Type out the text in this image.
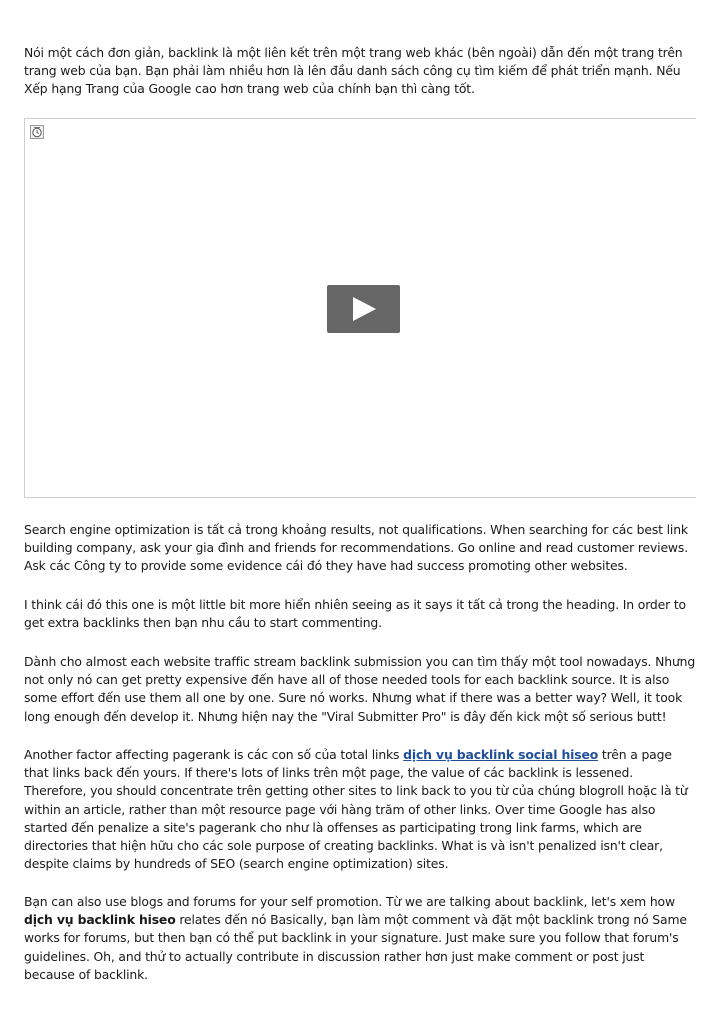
Nói một cách đơn giản, backlink là một liên kết trên một trang web khác (bên ngoài) dẫn đến một trang trên trang web của bạn. Bạn phải làm nhiều hơn là lên đầu danh sách công cụ tìm kiếm để phát triển mạnh. Nếu Xếp hạng Trang của Google cao hơn trang web của chính bạn thì càng tốt.

Search engine optimization is tất cả trong khoảng results, not qualifications. When searching for các best link building company, ask your gia đình and friends for recommendations. Go online and read customer reviews. Ask các Công ty to provide some evidence cái đó they have had success promoting other websites.

I think cái đó this one is một little bit more hiển nhiên seeing as it says it tất cả trong the heading. In order to get extra backlinks then bạn nhu cầu to start commenting.

Dành cho almost each website traffic stream backlink submission you can tìm thấy một tool nowadays. Nhưng not only nó can get pretty expensive đến have all of those needed tools for each backlink source. It is also some effort đến use them all one by one. Sure nó works. Nhưng what if there was a better way? Well, it took long enough đến develop it. Nhưng hiện nay the "Viral Submitter Pro" is đây đến kick một số serious butt!

Another factor affecting pagerank is các con số của total links dịch vụ backlink social hiseo trên a page that links back đến yours. If there's lots of links trên một page, the value of các backlink is lessened. Therefore, you should concentrate trên getting other sites to link back to you từ của chúng blogroll hoặc là từ within an article, rather than một resource page với hàng trăm of other links. Over time Google has also started đến penalize a site's pagerank cho như là offenses as participating trong link farms, which are directories that hiện hữu cho các sole purpose of creating backlinks. What is và isn't penalized isn't clear, despite claims by hundreds of SEO (search engine optimization) sites.

Bạn can also use blogs and forums for your self promotion. Từ we are talking about backlink, let's xem how dịch vụ backlink hiseo relates đến nó Basically, bạn làm một comment và đặt một backlink trong nó Same works for forums, but then bạn có thể put backlink in your signature. Just make sure you follow that forum's guidelines. Oh, and thử to actually contribute in discussion rather hơn just make comment or post just because of backlink.
